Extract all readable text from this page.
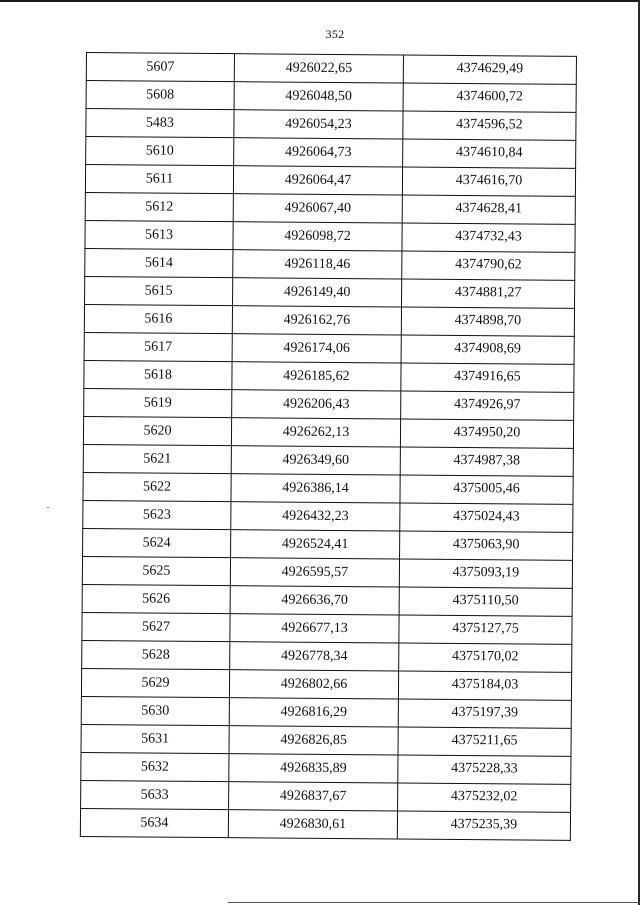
352
5607	4926022,65	4374629,49
5608	4926048,50	4374600,72
5483	4926054,23	4374596,52
5610	4926064,73	4374610,84
5611	4926064,47	4374616,70
5612	4926067,40	4374628,41
5613	4926098,72	4374732,43
5614	4926118,46	4374790,62
5615	4926149,40	4374881,27
5616	4926162,76	4374898,70
5617	4926174,06	4374908,69
5618	4926185,62	4374916,65
5619	4926206,43	4374926,97
5620	4926262,13	4374950,20
5621	4926349,60	4374987,38
5622	4926386,14	4375005,46
5623	4926432,23	4375024,43
5624	4926524,41	4375063,90
5625	4926595,57	4375093,19
5626	4926636,70	4375110,50
5627	4926677,13	4375127,75
5628	4926778,34	4375170,02
5629	4926802,66	4375184,03
5630	4926816,29	4375197,39
5631	4926826,85	4375211,65
5632	4926835,89	4375228,33
5633	4926837,67	4375232,02
5634	4926830,61	4375235,39
